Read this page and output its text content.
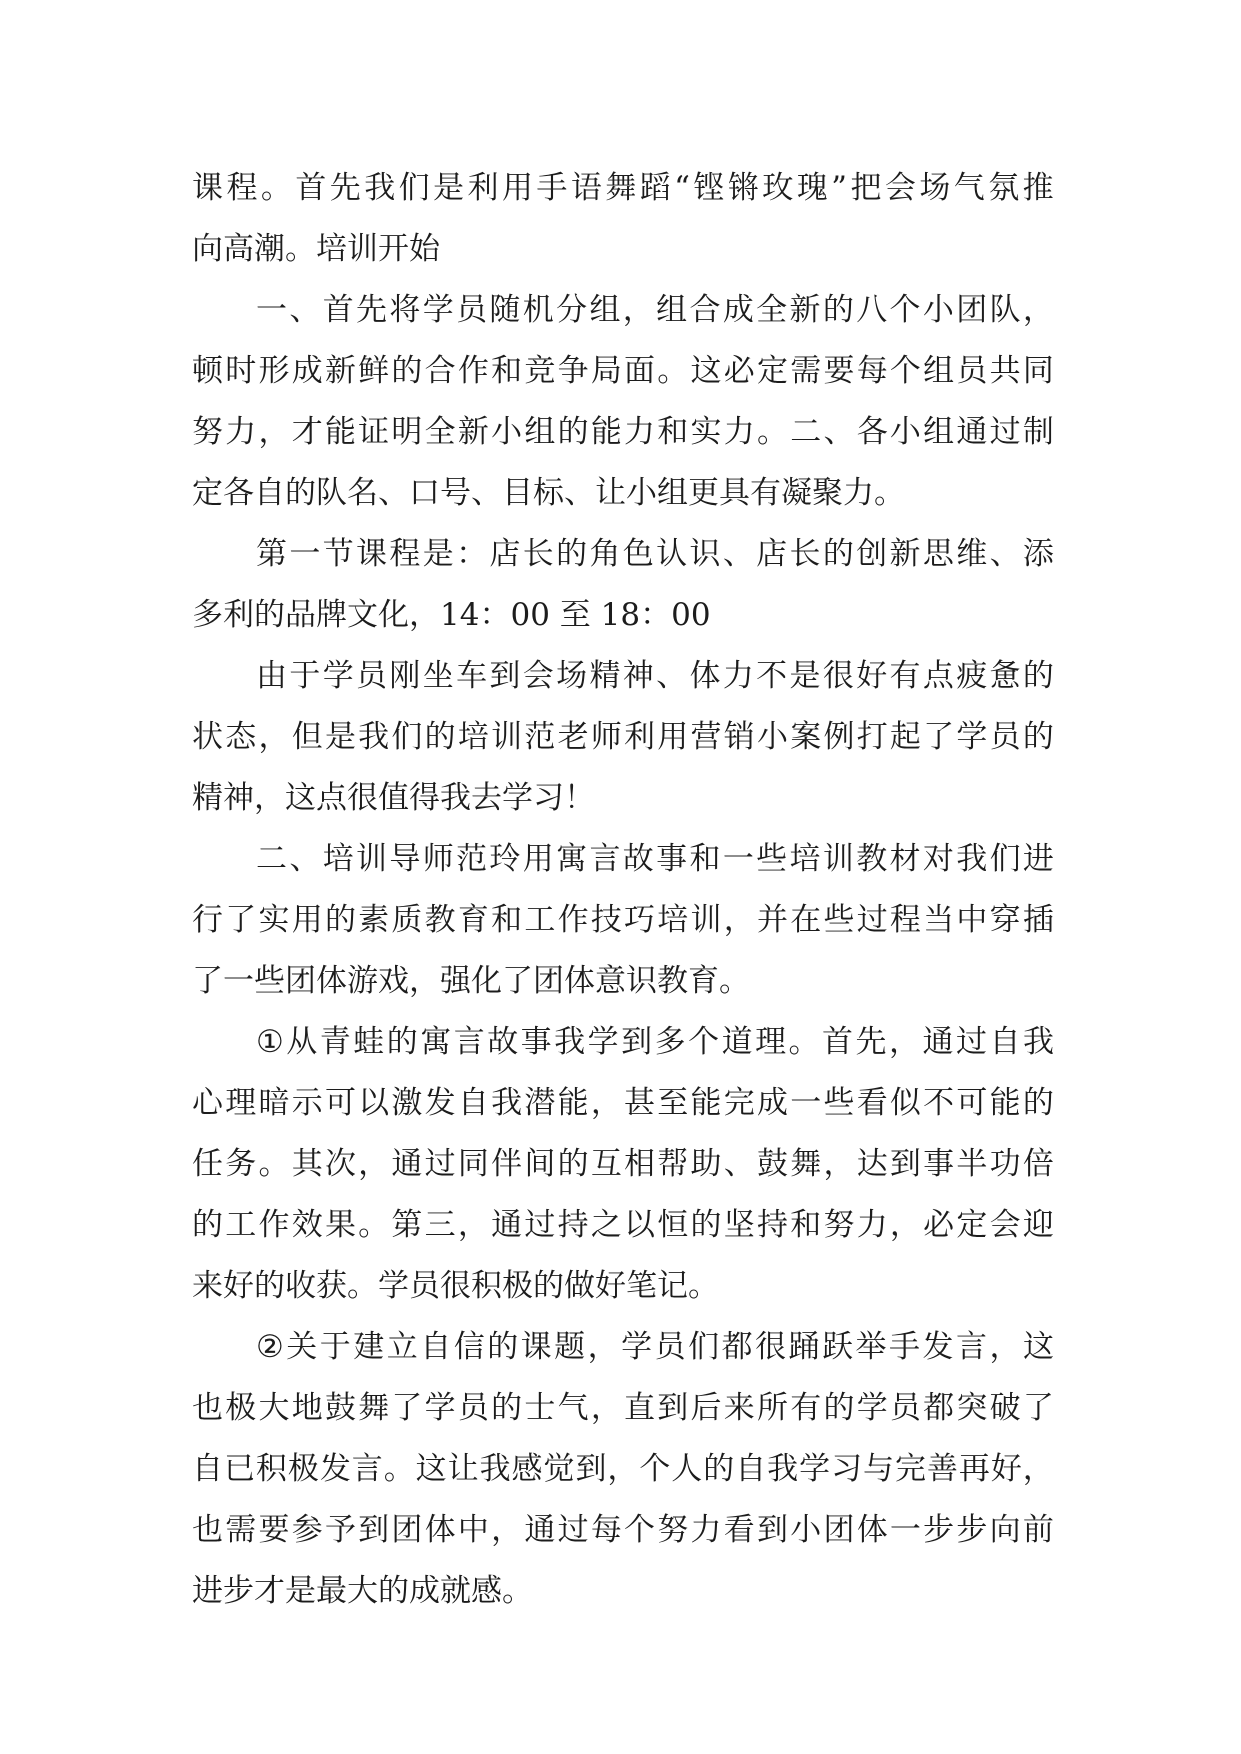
课 程 。 首 先 我 们 是 利 用 手 语 舞 蹈 “ 铿 锵 玫 瑰 ” 把 会 场 气 氛 推
向 高 潮 。 培 训 开 始
一 、 首 先 将 学 员 随 机 分 组 ， 组 合 成 全 新 的 八 个 小 团 队 ，
顿 时 形 成 新 鲜 的 合 作 和 竞 争 局 面 。 这 必 定 需 要 每 个 组 员 共 同
努 力 ， 才 能 证 明 全 新 小 组 的 能 力 和 实 力 。 二 、 各 小 组 通 过 制
定 各 自 的 队 名 、 口 号 、 目 标 、 让 小 组 更 具 有 凝 聚 力 。
第 一 节 课 程 是 ： 店 长 的 角 色 认 识 、 店 长 的 创 新 思 维 、 添
多 利 的 品 牌 文 化 ， 1 4 ： 0 0
至
1 8 ： 0 0
由 于 学 员 刚 坐 车 到 会 场 精 神 、 体 力 不 是 很 好 有 点 疲 惫 的
状 态 ， 但 是 我 们 的 培 训 范 老 师 利 用 营 销 小 案 例 打 起 了 学 员 的
精 神 ， 这 点 很 值 得 我 去 学 习 ！
二 、 培 训 导 师 范 玲 用 寓 言 故 事 和 一 些 培 训 教 材 对 我 们 进
行 了 实 用 的 素 质 教 育 和 工 作 技 巧 培 训 ， 并 在 些 过 程 当 中 穿 插
了 一 些 团 体 游 戏 ， 强 化 了 团 体 意 识 教 育 。
① 从 青 蛙 的 寓 言 故 事 我 学 到 多 个 道 理 。 首 先 ， 通 过 自 我
心 理 暗 示 可 以 激 发 自 我 潜 能 ， 甚 至 能 完 成 一 些 看 似 不 可 能 的
任 务 。 其 次 ， 通 过 同 伴 间 的 互 相 帮 助 、 鼓 舞 ， 达 到 事 半 功 倍
的 工 作 效 果 。 第 三 ， 通 过 持 之 以 恒 的 坚 持 和 努 力 ， 必 定 会 迎
来 好 的 收 获 。 学 员 很 积 极 的 做 好 笔 记 。
② 关 于 建 立 自 信 的 课 题 ， 学 员 们 都 很 踊 跃 举 手 发 言 ， 这
也 极 大 地 鼓 舞 了 学 员 的 士 气 ， 直 到 后 来 所 有 的 学 员 都 突 破 了
自 已 积 极 发 言 。 这 让 我 感 觉 到 ， 个 人 的 自 我 学 习 与 完 善 再 好 ，
也 需 要 参 予 到 团 体 中 ， 通 过 每 个 努 力 看 到 小 团 体 一 步 步 向 前
进 步 才 是 最 大 的 成 就 感 。
